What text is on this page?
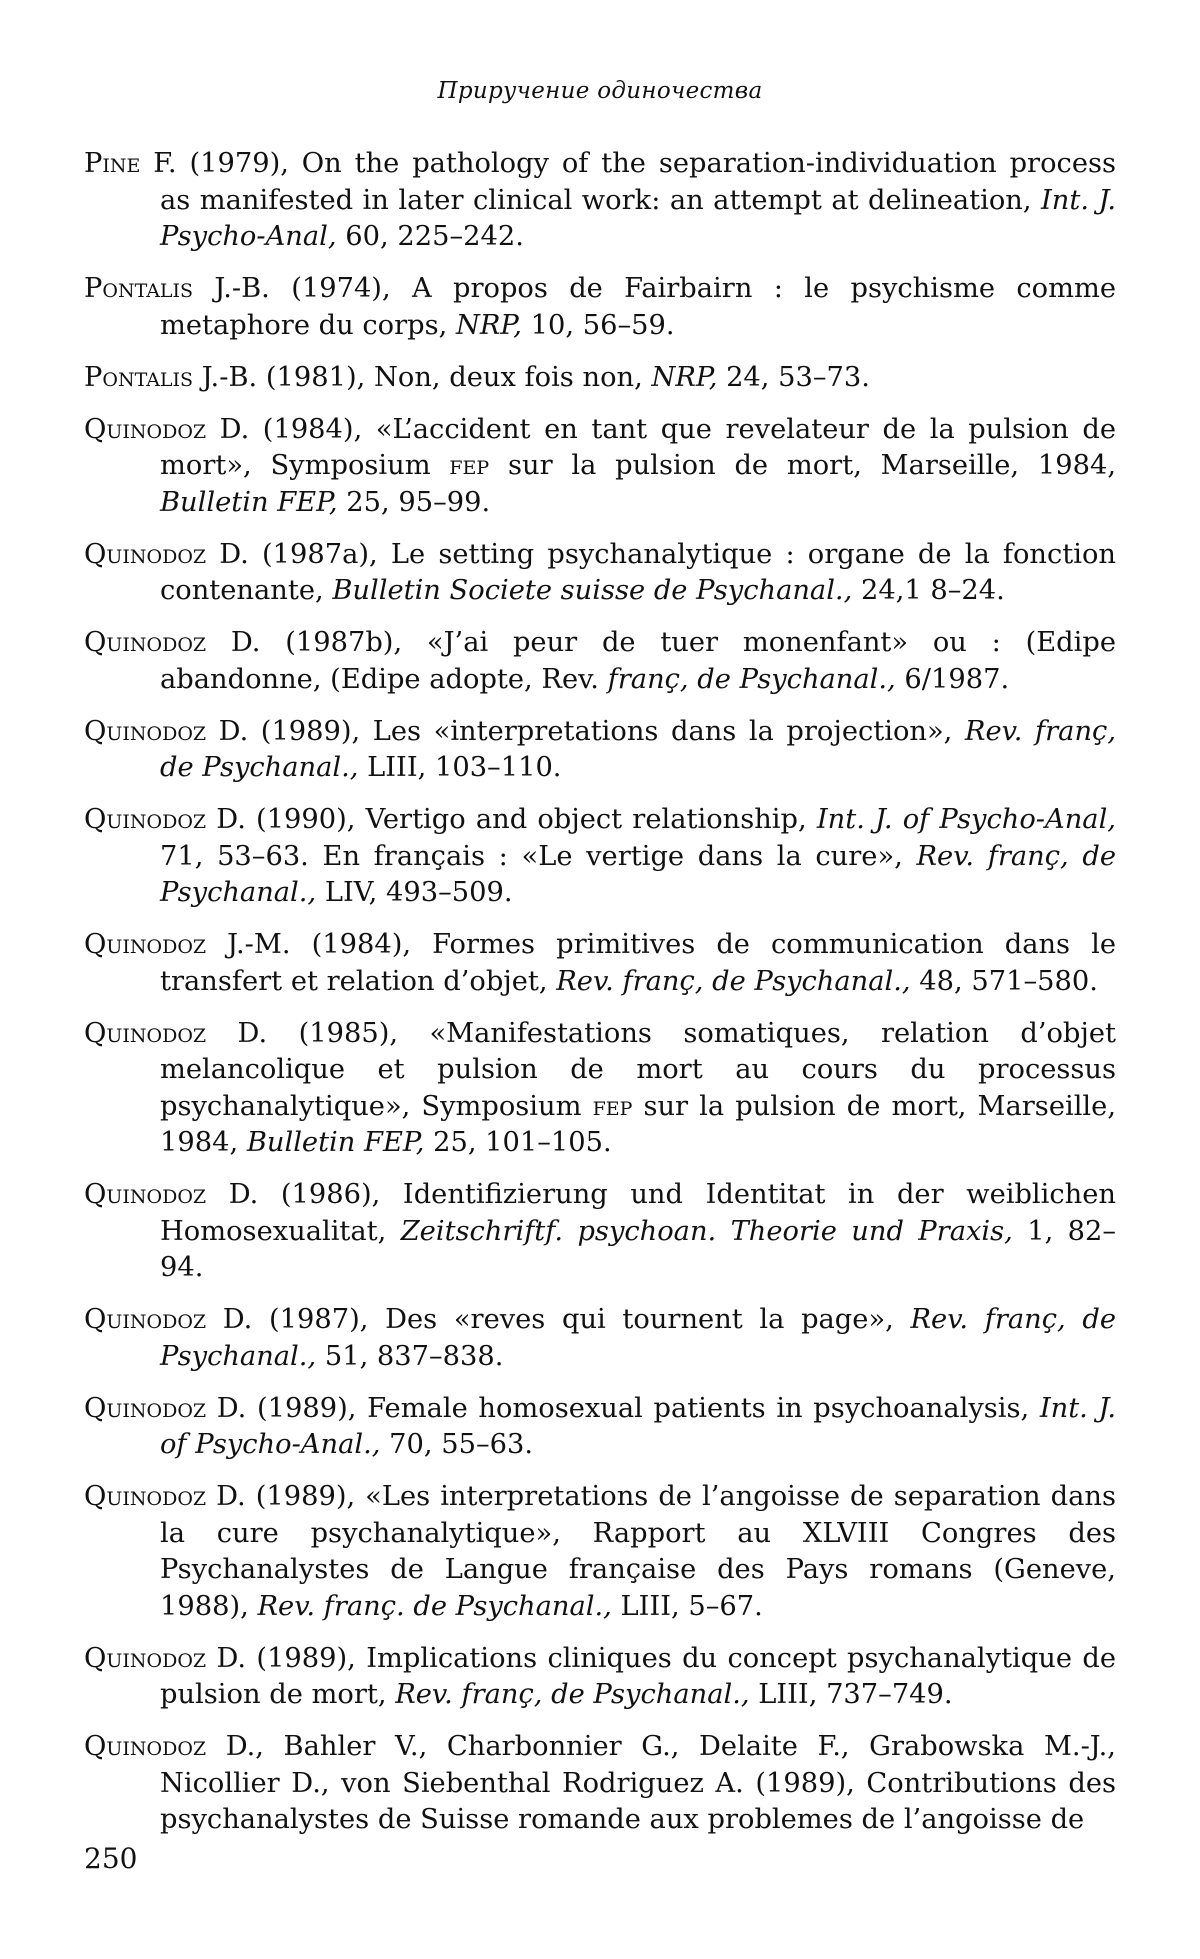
Приручение одиночества
Pine F. (1979), On the pathology of the separation-individuation process as manifested in later clinical work: an attempt at delineation, Int. J. Psycho-Anal, 60, 225–242.
Pontalis J.-B. (1974), A propos de Fairbairn : le psychisme comme metaphore du corps, NRP, 10, 56–59.
Pontalis J.-B. (1981), Non, deux fois non, NRP, 24, 53–73.
Quinodoz D. (1984), «L’accident en tant que revelateur de la pulsion de mort», Symposium fep sur la pulsion de mort, Marseille, 1984, Bulletin FEP, 25, 95–99.
Quinodoz D. (1987a), Le setting psychanalytique : organe de la fonction contenante, Bulletin Societe suisse de Psychanal., 24,1 8–24.
Quinodoz D. (1987b), «J’ai peur de tuer monenfant» ou : (Edipe abandonne, (Edipe adopte, Rev. franç, de Psychanal., 6/1987.
Quinodoz D. (1989), Les «interpretations dans la projection», Rev. franç, de Psychanal., LIII, 103–110.
Quinodoz D. (1990), Vertigo and object relationship, Int. J. of Psycho-Anal, 71, 53–63. En français : «Le vertige dans la cure», Rev. franç, de Psychanal., LIV, 493–509.
Quinodoz J.-M. (1984), Formes primitives de communication dans le transfert et relation d’objet, Rev. franç, de Psychanal., 48, 571–580.
Quinodoz D. (1985), «Manifestations somatiques, relation d’objet melancolique et pulsion de mort au cours du processus psychanalytique», Symposium fep sur la pulsion de mort, Marseille, 1984, Bulletin FEP, 25, 101–105.
Quinodoz D. (1986), Identifizierung und Identitat in der weiblichen Homosexualitat, Zeitschriftf. psychoan. Theorie und Praxis, 1, 82–94.
Quinodoz D. (1987), Des «reves qui tournent la page», Rev. franç, de Psychanal., 51, 837–838.
Quinodoz D. (1989), Female homosexual patients in psychoanalysis, Int. J. of Psycho-Anal., 70, 55–63.
Quinodoz D. (1989), «Les interpretations de l’angoisse de separation dans la cure psychanalytique», Rapport au XLVIII Congres des Psychanalystes de Langue française des Pays romans (Geneve, 1988), Rev. franç. de Psychanal., LIII, 5–67.
Quinodoz D. (1989), Implications cliniques du concept psychanalytique de pulsion de mort, Rev. franç, de Psychanal., LIII, 737–749.
Quinodoz D., Bahler V., Charbonnier G., Delaite F., Grabowska M.-J., Nicollier D., von Siebenthal Rodriguez A. (1989), Contributions des psychanalystes de Suisse romande aux problemes de l’angoisse de
250
